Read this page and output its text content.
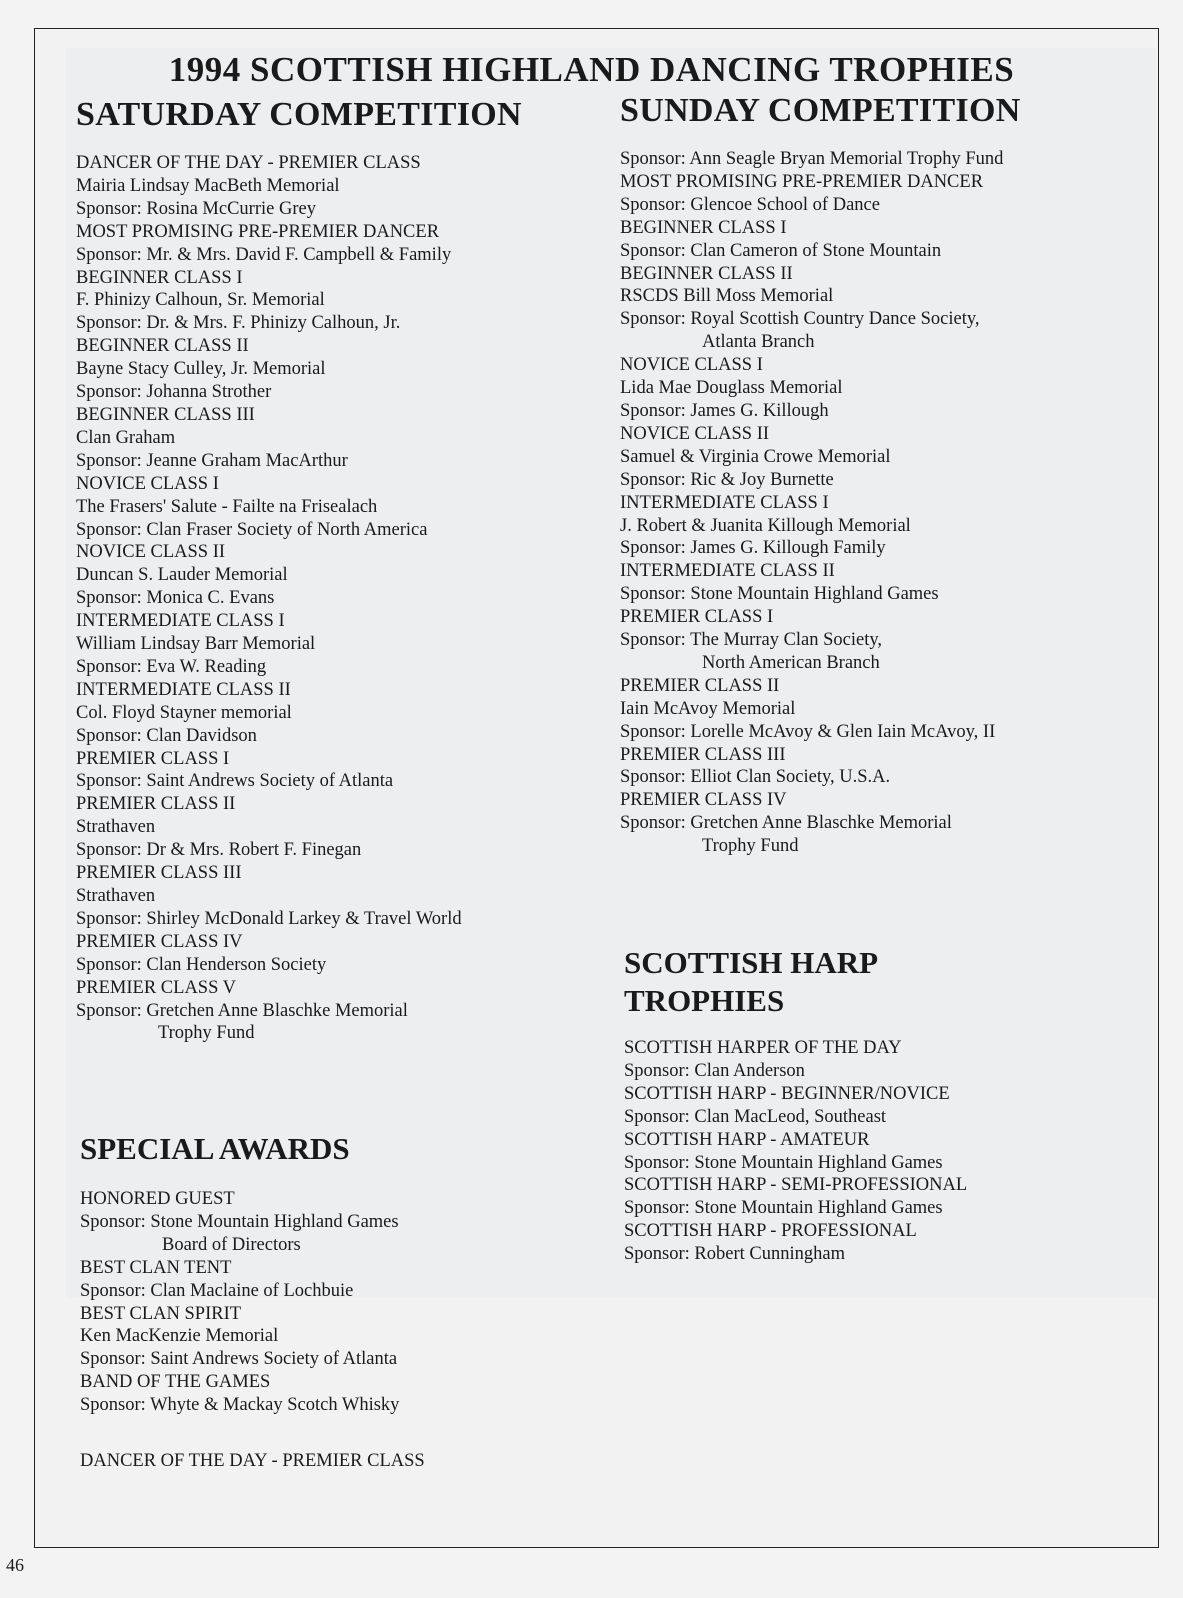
1994 SCOTTISH HIGHLAND DANCING TROPHIES
SATURDAY COMPETITION
DANCER OF THE DAY - PREMIER CLASS
Mairia Lindsay MacBeth Memorial
Sponsor: Rosina McCurrie Grey
MOST PROMISING PRE-PREMIER DANCER
Sponsor: Mr. & Mrs. David F. Campbell & Family
BEGINNER CLASS I
F. Phinizy Calhoun, Sr. Memorial
Sponsor: Dr. & Mrs. F. Phinizy Calhoun, Jr.
BEGINNER CLASS II
Bayne Stacy Culley, Jr. Memorial
Sponsor: Johanna Strother
BEGINNER CLASS III
Clan Graham
Sponsor: Jeanne Graham MacArthur
NOVICE CLASS I
The Frasers' Salute - Failte na Frisealach
Sponsor: Clan Fraser Society of North America
NOVICE CLASS II
Duncan S. Lauder Memorial
Sponsor: Monica C. Evans
INTERMEDIATE CLASS I
William Lindsay Barr Memorial
Sponsor: Eva W. Reading
INTERMEDIATE CLASS II
Col. Floyd Stayner memorial
Sponsor: Clan Davidson
PREMIER CLASS I
Sponsor: Saint Andrews Society of Atlanta
PREMIER CLASS II
Strathaven
Sponsor: Dr & Mrs. Robert F. Finegan
PREMIER CLASS III
Strathaven
Sponsor: Shirley McDonald Larkey & Travel World
PREMIER CLASS IV
Sponsor: Clan Henderson Society
PREMIER CLASS V
Sponsor: Gretchen Anne Blaschke Memorial
Trophy Fund
SPECIAL AWARDS
HONORED GUEST
Sponsor: Stone Mountain Highland Games
Board of Directors
BEST CLAN TENT
Sponsor: Clan Maclaine of Lochbuie
BEST CLAN SPIRIT
Ken MacKenzie Memorial
Sponsor: Saint Andrews Society of Atlanta
BAND OF THE GAMES
Sponsor: Whyte & Mackay Scotch Whisky
DANCER OF THE DAY - PREMIER CLASS
SUNDAY COMPETITION
Sponsor: Ann Seagle Bryan Memorial Trophy Fund
MOST PROMISING PRE-PREMIER DANCER
Sponsor: Glencoe School of Dance
BEGINNER CLASS I
Sponsor: Clan Cameron of Stone Mountain
BEGINNER CLASS II
RSCDS Bill Moss Memorial
Sponsor: Royal Scottish Country Dance Society,
Atlanta Branch
NOVICE CLASS I
Lida Mae Douglass Memorial
Sponsor: James G. Killough
NOVICE CLASS II
Samuel & Virginia Crowe Memorial
Sponsor: Ric & Joy Burnette
INTERMEDIATE CLASS I
J. Robert & Juanita Killough Memorial
Sponsor: James G. Killough Family
INTERMEDIATE CLASS II
Sponsor: Stone Mountain Highland Games
PREMIER CLASS I
Sponsor: The Murray Clan Society,
North American Branch
PREMIER CLASS II
Iain McAvoy Memorial
Sponsor: Lorelle McAvoy & Glen Iain McAvoy, II
PREMIER CLASS III
Sponsor: Elliot Clan Society, U.S.A.
PREMIER CLASS IV
Sponsor: Gretchen Anne Blaschke Memorial
Trophy Fund
SCOTTISH HARP
TROPHIES
SCOTTISH HARPER OF THE DAY
Sponsor: Clan Anderson
SCOTTISH HARP - BEGINNER/NOVICE
Sponsor: Clan MacLeod, Southeast
SCOTTISH HARP - AMATEUR
Sponsor: Stone Mountain Highland Games
SCOTTISH HARP - SEMI-PROFESSIONAL
Sponsor: Stone Mountain Highland Games
SCOTTISH HARP - PROFESSIONAL
Sponsor: Robert Cunningham
46
